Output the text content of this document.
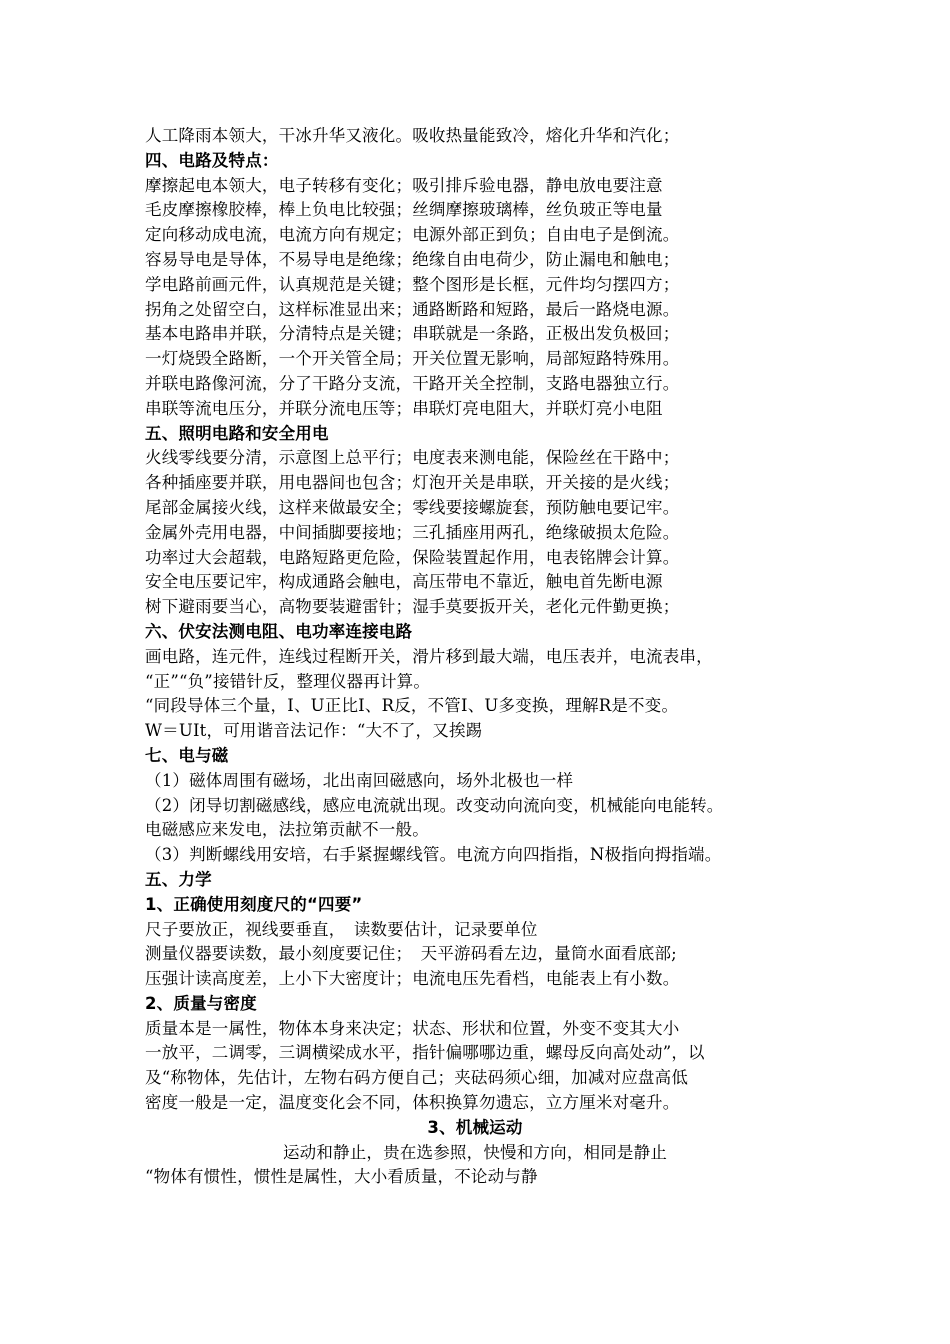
人工降雨本领大，干冰升华又液化。吸收热量能致冷，熔化升华和汽化；
四、电路及特点：
摩擦起电本领大，电子转移有变化；吸引排斥验电器，静电放电要注意
毛皮摩擦橡胶棒，棒上负电比较强；丝绸摩擦玻璃棒，丝负玻正等电量
定向移动成电流，电流方向有规定；电源外部正到负；自由电子是倒流。
容易导电是导体，不易导电是绝缘；绝缘自由电荷少，防止漏电和触电；
学电路前画元件，认真规范是关键；整个图形是长框，元件均匀摆四方；
拐角之处留空白，这样标准显出来；通路断路和短路，最后一路烧电源。
基本电路串并联，分清特点是关键；串联就是一条路，正极出发负极回；
一灯烧毁全路断，一个开关管全局；开关位置无影响，局部短路特殊用。
并联电路像河流，分了干路分支流，干路开关全控制，支路电器独立行。
串联等流电压分，并联分流电压等；串联灯亮电阻大，并联灯亮小电阻
五、照明电路和安全用电
火线零线要分清，示意图上总平行；电度表来测电能，保险丝在干路中；
各种插座要并联，用电器间也包含；灯泡开关是串联，开关接的是火线；
尾部金属接火线，这样来做最安全；零线要接螺旋套，预防触电要记牢。
金属外壳用电器，中间插脚要接地；三孔插座用两孔，绝缘破损太危险。
功率过大会超载，电路短路更危险，保险装置起作用，电表铭牌会计算。
安全电压要记牢，构成通路会触电，高压带电不靠近，触电首先断电源
树下避雨要当心，高物要装避雷针；湿手莫要扳开关，老化元件勤更换；
六、伏安法测电阻、电功率连接电路
画电路，连元件，连线过程断开关，滑片移到最大端，电压表并，电流表串，
“正”“负”接错针反，整理仪器再计算。
“同段导体三个量，I、U正比I、R反，不管I、U多变换，理解R是不变。
W＝UIt，可用谐音法记作：“大不了，又挨踢
七、电与磁
（1）磁体周围有磁场，北出南回磁感向，场外北极也一样
（2）闭导切割磁感线，感应电流就出现。改变动向流向变，机械能向电能转。
电磁感应来发电，法拉第贡献不一般。
（3）判断螺线用安培，右手紧握螺线管。电流方向四指指，N极指向拇指端。
五、力学
1、正确使用刻度尺的“四要”
尺子要放正，视线要垂直，　读数要估计，记录要单位
测量仪器要读数，最小刻度要记住；　天平游码看左边，量筒水面看底部;
压强计读高度差，上小下大密度计；电流电压先看档，电能表上有小数。
2、质量与密度
质量本是一属性，物体本身来决定；状态、形状和位置，外变不变其大小
一放平，二调零，三调横梁成水平，指针偏哪哪边重，螺母反向高处动”，以
及“称物体，先估计，左物右码方便自己；夹砝码须心细，加减对应盘高低
密度一般是一定，温度变化会不同，体积换算勿遗忘，立方厘米对毫升。
3、机械运动
运动和静止，贵在选参照，快慢和方向，相同是静止
“物体有惯性，惯性是属性，大小看质量，不论动与静
